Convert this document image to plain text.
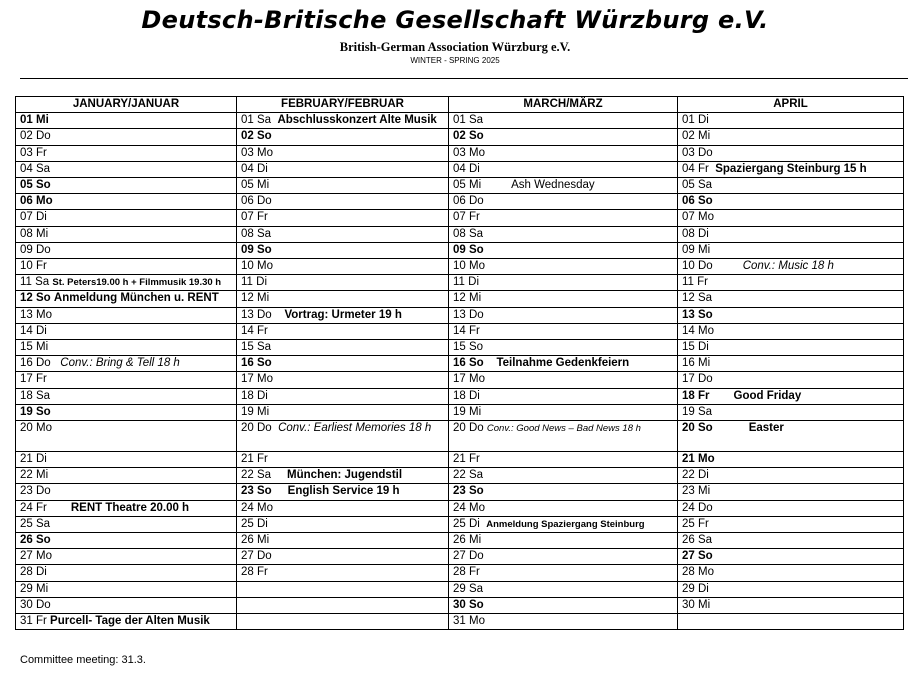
Deutsch-Britische Gesellschaft Würzburg e.V.
British-German Association Würzburg e.V.
WINTER - SPRING 2025
JANUARY/JANUAR	FEBRUARY/FEBRUAR	MARCH/MÄRZ	APRIL
01 Mi	01 Sa Abschlusskonzert Alte Musik	01 Sa	01 Di
02 Do	02 So	02 So	02 Mi
03 Fr	03 Mo	03 Mo	03 Do
04 Sa	04 Di	04 Di	04 Fr Spaziergang Steinburg 15 h
05 So	05 Mi	05 Mi Ash Wednesday	05 Sa
06 Mo	06 Do	06 Do	06 So
07 Di	07 Fr	07 Fr	07 Mo
08 Mi	08 Sa	08 Sa	08 Di
09 Do	09 So	09 So	09 Mi
10 Fr	10 Mo	10 Mo	10 Do Conv.: Music 18 h
11 Sa St. Peters19.00 h + Filmmusik 19.30 h	11 Di	11 Di	11 Fr
12 So Anmeldung München u. RENT	12 Mi	12 Mi	12 Sa
13 Mo	13 Do Vortrag: Urmeter 19 h	13 Do	13 So
14 Di	14 Fr	14 Fr	14 Mo
15 Mi	15 Sa	15 So	15 Di
16 Do Conv.: Bring & Tell 18 h	16 So	16 So Teilnahme Gedenkfeiern	16 Mi
17 Fr	17 Mo	17 Mo	17 Do
18 Sa	18 Di	18 Di	18 Fr Good Friday
19 So	19 Mi	19 Mi	19 Sa
20 Mo	20 Do Conv.: Earliest Memories 18 h	20 Do Conv.: Good News – Bad News 18 h	20 So Easter
21 Di	21 Fr	21 Fr	21 Mo
22 Mi	22 Sa München: Jugendstil	22 Sa	22 Di
23 Do	23 So English Service 19 h	23 So	23 Mi
24 Fr RENT Theatre 20.00 h	24 Mo	24 Mo	24 Do
25 Sa	25 Di	25 Di Anmeldung Spaziergang Steinburg	25 Fr
26 So	26 Mi	26 Mi	26 Sa
27 Mo	27 Do	27 Do	27 So
28 Di	28 Fr	28 Fr	28 Mo
29 Mi		29 Sa	29 Di
30 Do		30 So	30 Mi
31 Fr Purcell- Tage der Alten Musik		31 Mo	
Committee meeting: 31.3.
